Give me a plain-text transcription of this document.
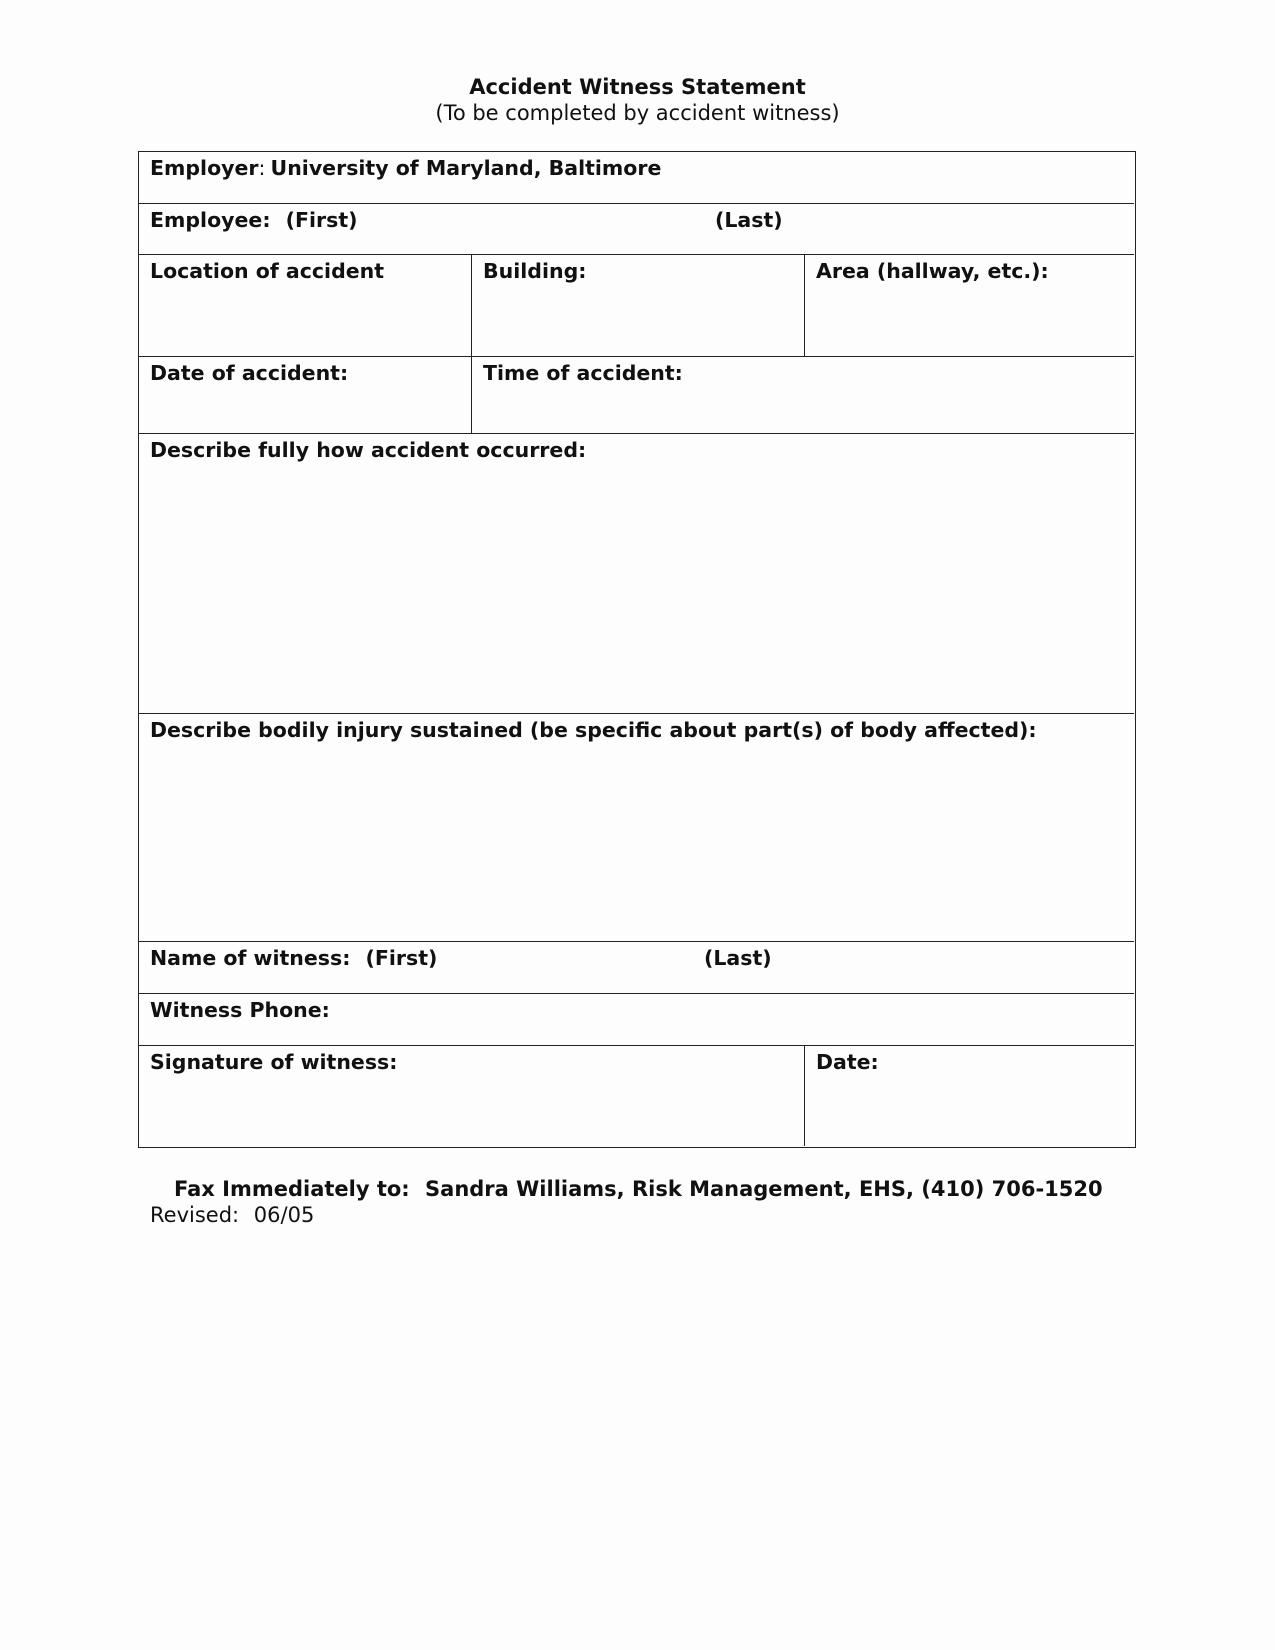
Accident Witness Statement
(To be completed by accident witness)
Employer: University of Maryland, Baltimore
Employee: (First)	(Last)
Location of accident	Building:	Area (hallway, etc.):
Date of accident:	Time of accident:
Describe fully how accident occurred:
Describe bodily injury sustained (be specific about part(s) of body affected):
Name of witness: (First)	(Last)
Witness Phone:
Signature of witness:	Date:
Fax Immediately to: Sandra Williams, Risk Management, EHS, (410) 706-1520
Revised: 06/05
